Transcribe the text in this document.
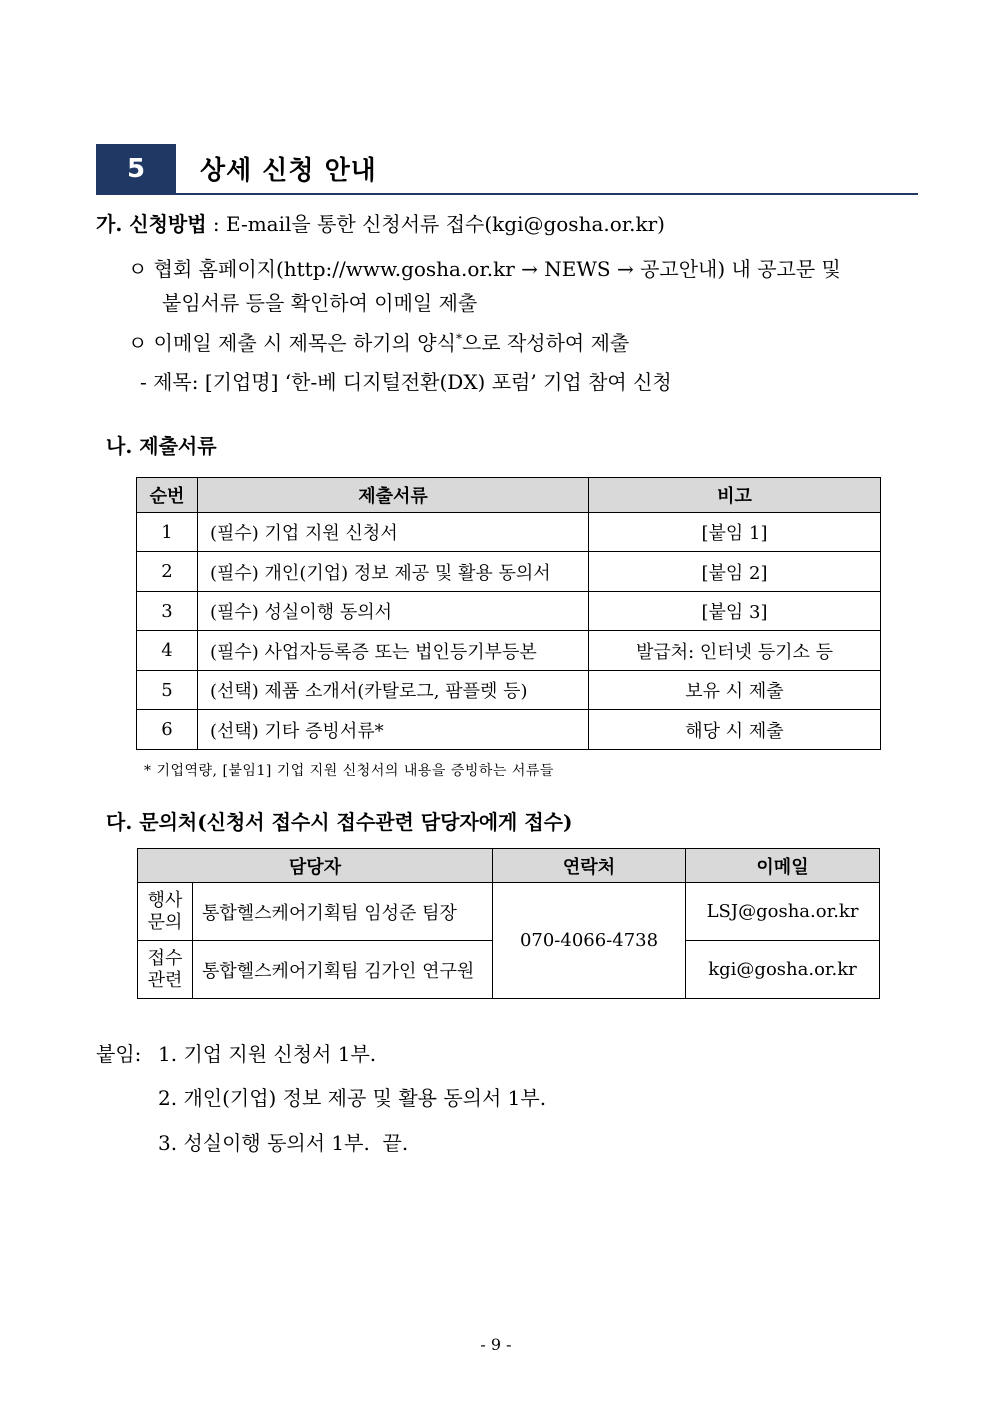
5	상세 신청 안내
가. 신청방법 : E-mail을 통한 신청서류 접수(kgi@gosha.or.kr)
ㅇ 협회 홈페이지(http://www.gosha.or.kr → NEWS → 공고안내) 내 공고문 및
붙임서류 등을 확인하여 이메일 제출
ㅇ 이메일 제출 시 제목은 하기의 양식*으로 작성하여 제출
- 제목: [기업명] ‘한-베 디지털전환(DX) 포럼’ 기업 참여 신청
나. 제출서류
순번	제출서류	비고
1	(필수) 기업 지원 신청서	[붙임 1]
2	(필수) 개인(기업) 정보 제공 및 활용 동의서	[붙임 2]
3	(필수) 성실이행 동의서	[붙임 3]
4	(필수) 사업자등록증 또는 법인등기부등본	발급처: 인터넷 등기소 등
5	(선택) 제품 소개서(카탈로그, 팜플렛 등)	보유 시 제출
6	(선택) 기타 증빙서류*	해당 시 제출
* 기업역량, [붙임1] 기업 지원 신청서의 내용을 증빙하는 서류들
다. 문의처(신청서 접수시 접수관련 담당자에게 접수)
담당자		연락처	이메일

행사
문의	통합헬스케어기획팀 임성준 팀장	070-4066-4738	LSJ@gosha.or.kr

접수
관련	통합헬스케어기획팀 김가인 연구원		kgi@gosha.or.kr
붙임: 1. 기업 지원 신청서 1부.
2. 개인(기업) 정보 제공 및 활용 동의서 1부.
3. 성실이행 동의서 1부.  끝.
- 9 -
